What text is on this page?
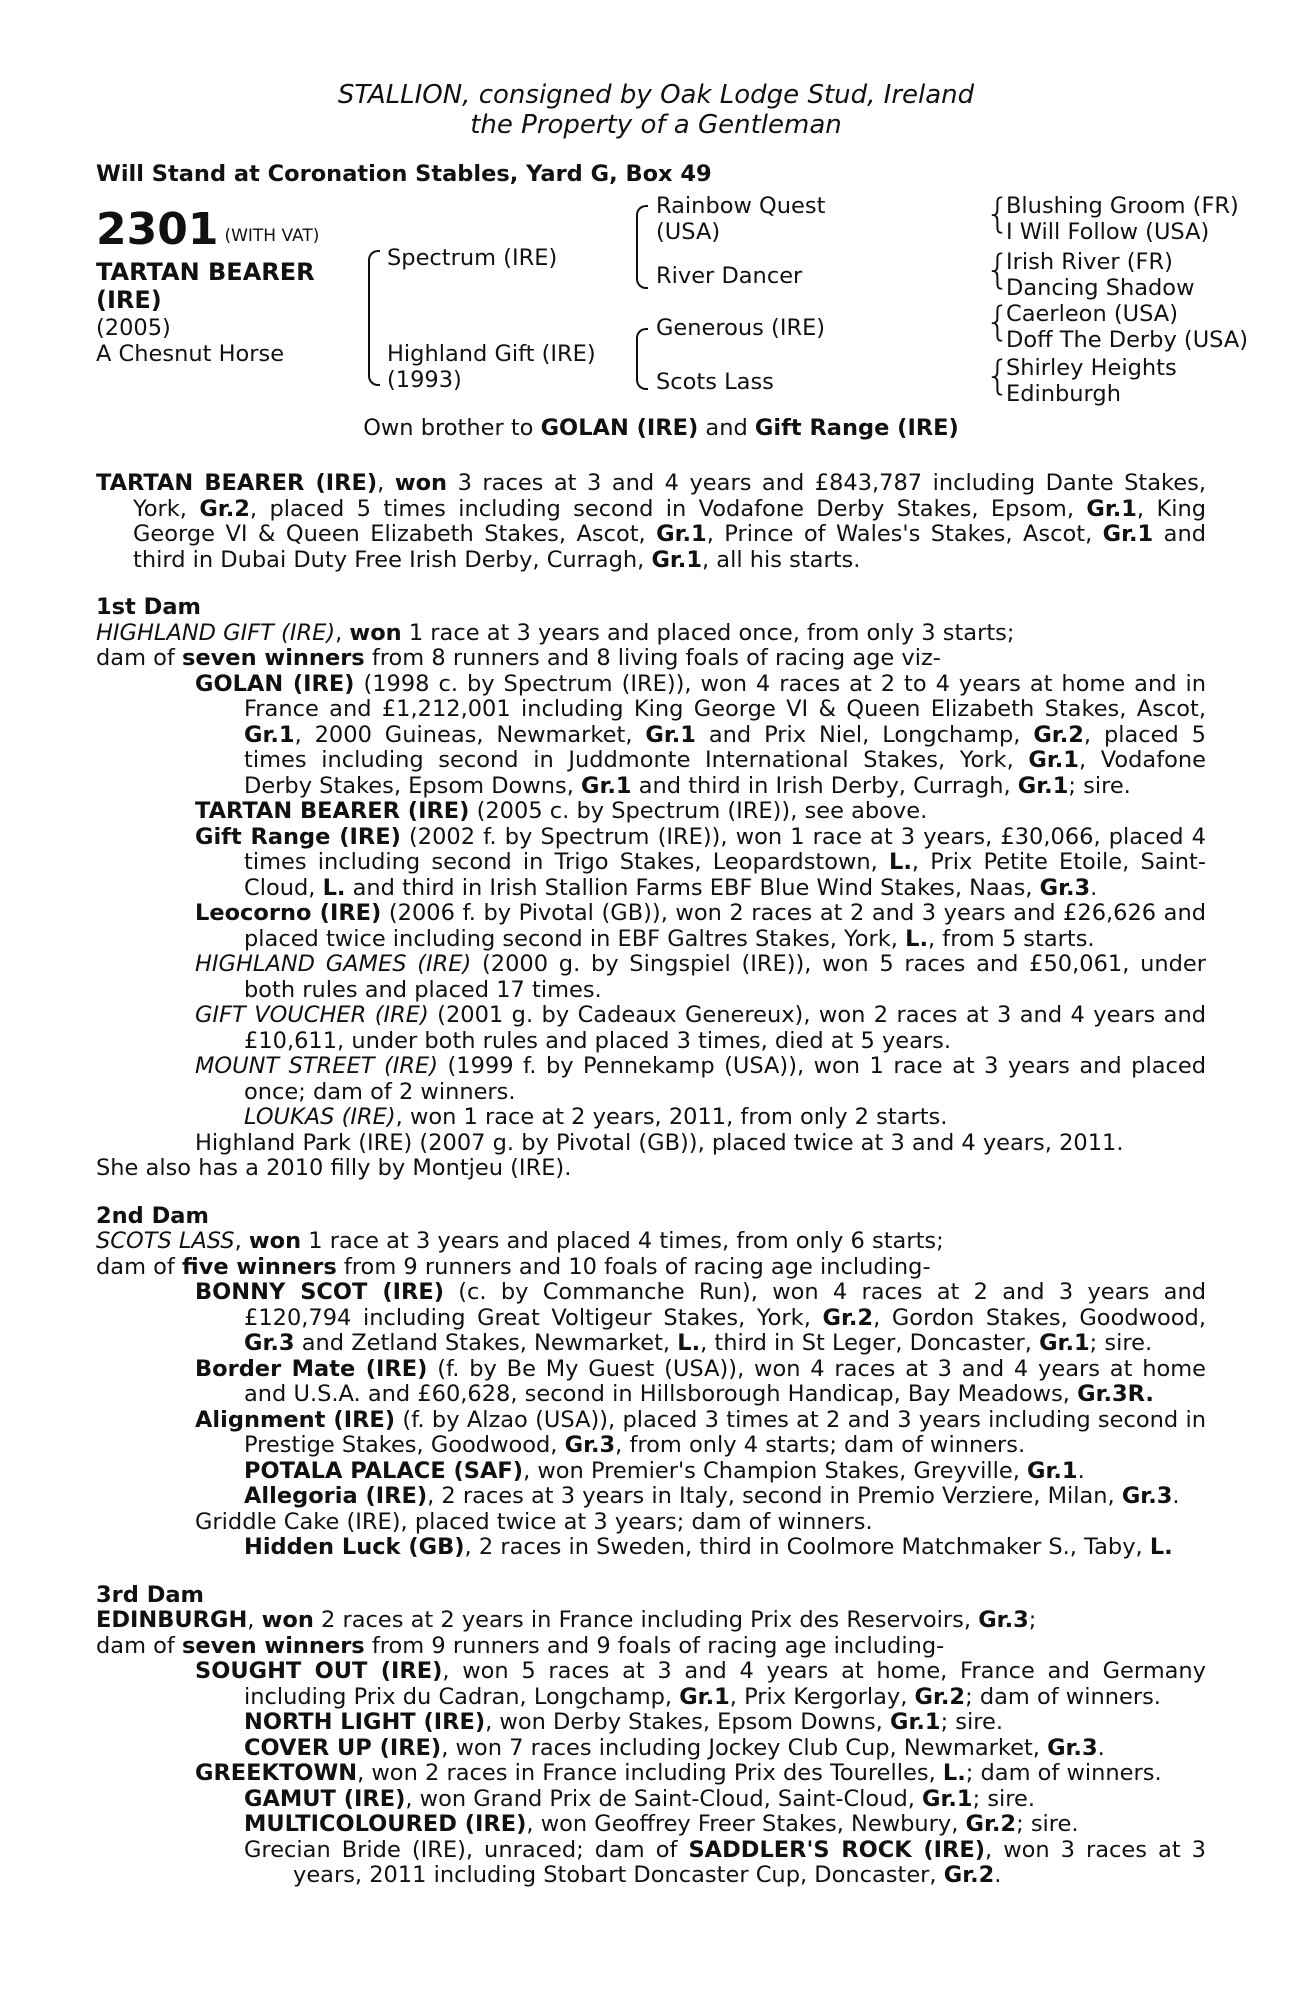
STALLION, consigned by Oak Lodge Stud, Ireland
the Property of a Gentleman
Will Stand at Coronation Stables, Yard G, Box 49
2301 (WITH VAT)
TARTAN BEARER
(IRE)
(2005)
A Chesnut Horse
Spectrum (IRE)
Highland Gift (IRE)
(1993)
Rainbow Quest
(USA)
River Dancer
Generous (IRE)
Scots Lass
{
Blushing Groom (FR)
I Will Follow (USA)
{
Irish River (FR)
Dancing Shadow
{
Caerleon (USA)
Doff The Derby (USA)
{
Shirley Heights
Edinburgh
Own brother to GOLAN (IRE) and Gift Range (IRE)
TARTAN BEARER (IRE), won 3 races at 3 and 4 years and £843,787 including Dante Stakes, York, Gr.2, placed 5 times including second in Vodafone Derby Stakes, Epsom, Gr.1, King George VI & Queen Elizabeth Stakes, Ascot, Gr.1, Prince of Wales's Stakes, Ascot, Gr.1 and third in Dubai Duty Free Irish Derby, Curragh, Gr.1, all his starts.
1st Dam
HIGHLAND GIFT (IRE), won 1 race at 3 years and placed once, from only 3 starts;
dam of seven winners from 8 runners and 8 living foals of racing age viz-
GOLAN (IRE) (1998 c. by Spectrum (IRE)), won 4 races at 2 to 4 years at home and in France and £1,212,001 including King George VI & Queen Elizabeth Stakes, Ascot, Gr.1, 2000 Guineas, Newmarket, Gr.1 and Prix Niel, Longchamp, Gr.2, placed 5 times including second in Juddmonte International Stakes, York, Gr.1, Vodafone Derby Stakes, Epsom Downs, Gr.1 and third in Irish Derby, Curragh, Gr.1; sire.
TARTAN BEARER (IRE) (2005 c. by Spectrum (IRE)), see above.
Gift Range (IRE) (2002 f. by Spectrum (IRE)), won 1 race at 3 years, £30,066, placed 4 times including second in Trigo Stakes, Leopardstown, L., Prix Petite Etoile, Saint-Cloud, L. and third in Irish Stallion Farms EBF Blue Wind Stakes, Naas, Gr.3.
Leocorno (IRE) (2006 f. by Pivotal (GB)), won 2 races at 2 and 3 years and £26,626 and placed twice including second in EBF Galtres Stakes, York, L., from 5 starts.
HIGHLAND GAMES (IRE) (2000 g. by Singspiel (IRE)), won 5 races and £50,061, under both rules and placed 17 times.
GIFT VOUCHER (IRE) (2001 g. by Cadeaux Genereux), won 2 races at 3 and 4 years and £10,611, under both rules and placed 3 times, died at 5 years.
MOUNT STREET (IRE) (1999 f. by Pennekamp (USA)), won 1 race at 3 years and placed once; dam of 2 winners.
LOUKAS (IRE), won 1 race at 2 years, 2011, from only 2 starts.
Highland Park (IRE) (2007 g. by Pivotal (GB)), placed twice at 3 and 4 years, 2011.
She also has a 2010 filly by Montjeu (IRE).
2nd Dam
SCOTS LASS, won 1 race at 3 years and placed 4 times, from only 6 starts;
dam of five winners from 9 runners and 10 foals of racing age including-
BONNY SCOT (IRE) (c. by Commanche Run), won 4 races at 2 and 3 years and £120,794 including Great Voltigeur Stakes, York, Gr.2, Gordon Stakes, Goodwood, Gr.3 and Zetland Stakes, Newmarket, L., third in St Leger, Doncaster, Gr.1; sire.
Border Mate (IRE) (f. by Be My Guest (USA)), won 4 races at 3 and 4 years at home and U.S.A. and £60,628, second in Hillsborough Handicap, Bay Meadows, Gr.3R.
Alignment (IRE) (f. by Alzao (USA)), placed 3 times at 2 and 3 years including second in Prestige Stakes, Goodwood, Gr.3, from only 4 starts; dam of winners.
POTALA PALACE (SAF), won Premier's Champion Stakes, Greyville, Gr.1.
Allegoria (IRE), 2 races at 3 years in Italy, second in Premio Verziere, Milan, Gr.3.
Griddle Cake (IRE), placed twice at 3 years; dam of winners.
Hidden Luck (GB), 2 races in Sweden, third in Coolmore Matchmaker S., Taby, L.
3rd Dam
EDINBURGH, won 2 races at 2 years in France including Prix des Reservoirs, Gr.3;
dam of seven winners from 9 runners and 9 foals of racing age including-
SOUGHT OUT (IRE), won 5 races at 3 and 4 years at home, France and Germany including Prix du Cadran, Longchamp, Gr.1, Prix Kergorlay, Gr.2; dam of winners.
NORTH LIGHT (IRE), won Derby Stakes, Epsom Downs, Gr.1; sire.
COVER UP (IRE), won 7 races including Jockey Club Cup, Newmarket, Gr.3.
GREEKTOWN, won 2 races in France including Prix des Tourelles, L.; dam of winners.
GAMUT (IRE), won Grand Prix de Saint-Cloud, Saint-Cloud, Gr.1; sire.
MULTICOLOURED (IRE), won Geoffrey Freer Stakes, Newbury, Gr.2; sire.
Grecian Bride (IRE), unraced; dam of SADDLER'S ROCK (IRE), won 3 races at 3 years, 2011 including Stobart Doncaster Cup, Doncaster, Gr.2.
